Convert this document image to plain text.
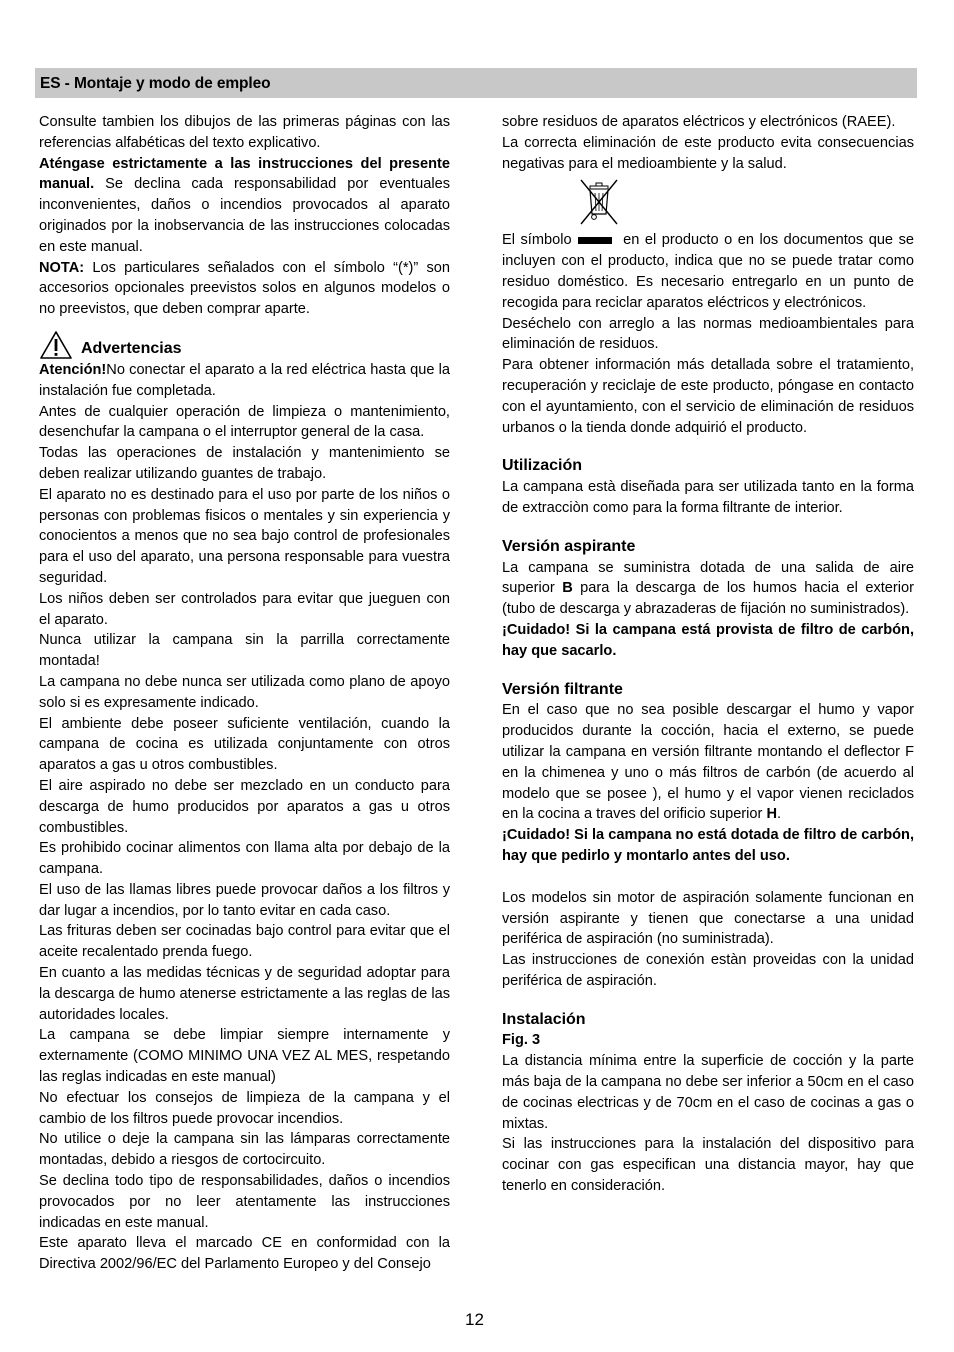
ES - Montaje y modo de empleo

Consulte tambien los dibujos de las primeras páginas con las referencias alfabéticas del texto explicativo.

Aténgase estrictamente a las instrucciones del presente manual. Se declina cada responsabilidad por eventuales inconvenientes, daños o incendios provocados al aparato originados por la inobservancia de las instrucciones colocadas en este manual.

NOTA: Los particulares señalados con el símbolo “(*)” son accesorios opcionales preevistos solos en algunos modelos o no preevistos, que deben comprar aparte.

Advertencias

Atención!No conectar el aparato a la red eléctrica hasta que la instalación fue completada.

Antes de cualquier operación de limpieza o mantenimiento, desenchufar la campana o el interruptor general de la casa.

Todas las operaciones de instalación y mantenimiento se deben realizar utilizando guantes de trabajo.

El aparato no es destinado para el uso por parte de los niños o personas con problemas fisicos o mentales y sin experiencia y conocientos a menos que no sea bajo control de profesionales para el uso del aparato, una persona responsable para vuestra seguridad.

Los niños deben ser controlados para evitar que jueguen con el aparato.

Nunca utilizar la campana sin la parrilla correctamente montada!

La campana no debe nunca ser utilizada como plano de apoyo solo si es expresamente indicado.

El ambiente debe poseer suficiente ventilación, cuando la campana de cocina es utilizada conjuntamente con otros aparatos a gas u otros combustibles.

El aire aspirado no debe ser mezclado en un conducto para descarga de humo producidos por aparatos a gas u otros combustibles.

Es prohibido cocinar alimentos con llama alta por debajo de la campana.

El uso de las llamas libres puede provocar daños a los filtros y dar lugar a incendios, por lo tanto evitar en cada caso.

Las frituras deben ser cocinadas bajo control para evitar que el aceite recalentado prenda fuego.

En cuanto a las medidas técnicas y de seguridad adoptar para la descarga de humo atenerse estrictamente a las reglas de las autoridades locales.

La campana se debe limpiar siempre internamente y externamente (COMO MINIMO UNA VEZ AL MES, respetando las reglas indicadas en este manual)

No efectuar los consejos de limpieza de la campana y el cambio de los filtros puede provocar incendios.

No utilice o deje la campana sin las lámparas correctamente montadas, debido a riesgos de cortocircuito.

Se declina todo tipo de responsabilidades, daños o incendios provocados por no leer atentamente las instrucciones indicadas en este manual.

Este aparato lleva el marcado CE en conformidad con la Directiva 2002/96/EC del Parlamento Europeo y del Consejo

sobre residuos de aparatos eléctricos y electrónicos (RAEE).

La correcta eliminación de este producto evita consecuencias negativas para el medioambiente y la salud.

El símbolo	en el producto o en los documentos que se incluyen con el producto, indica que no se puede tratar como residuo doméstico. Es necesario entregarlo en un punto de recogida para reciclar aparatos eléctricos y electrónicos.

Deséchelo con arreglo a las normas medioambientales para eliminación de residuos.

Para obtener información más detallada sobre el tratamiento, recuperación y reciclaje de este producto, póngase en contacto con el ayuntamiento, con el servicio de eliminación de residuos urbanos o la tienda donde adquirió el producto.

Utilización

La campana està diseñada para ser utilizada tanto en la forma de extracciòn como para la forma filtrante de interior.

Versión aspirante

La campana se suministra dotada de una salida de aire superior B para la descarga de los humos hacia el exterior (tubo de descarga y abrazaderas de fijación no suministrados).

¡Cuidado! Si la campana está provista de filtro de carbón, hay que sacarlo.

Versión filtrante

En el caso que no sea posible descargar el humo y vapor producidos durante la cocción, hacia el externo, se puede utilizar la campana en versión filtrante montando el deflector F en la chimenea y uno o más filtros de carbón (de acuerdo al modelo que se posee ), el humo y el vapor vienen reciclados en la cocina a traves del orificio superior H.

¡Cuidado! Si la campana no está dotada de filtro de carbón, hay que pedirlo y montarlo antes del uso.

Los modelos sin motor de aspiración solamente funcionan en versión aspirante y tienen que conectarse a una unidad periférica de aspiración (no suministrada).

Las instrucciones de conexión estàn proveidas con la unidad periférica de aspiración.

Instalación

Fig. 3

La distancia mínima entre la superficie de cocción y la parte más baja de la campana no debe ser inferior a 50cm en el caso de cocinas electricas y de 70cm en el caso de cocinas a gas o mixtas.

Si las instrucciones para la instalación del dispositivo para cocinar con gas especifican una distancia mayor, hay que tenerlo en consideración.

12
